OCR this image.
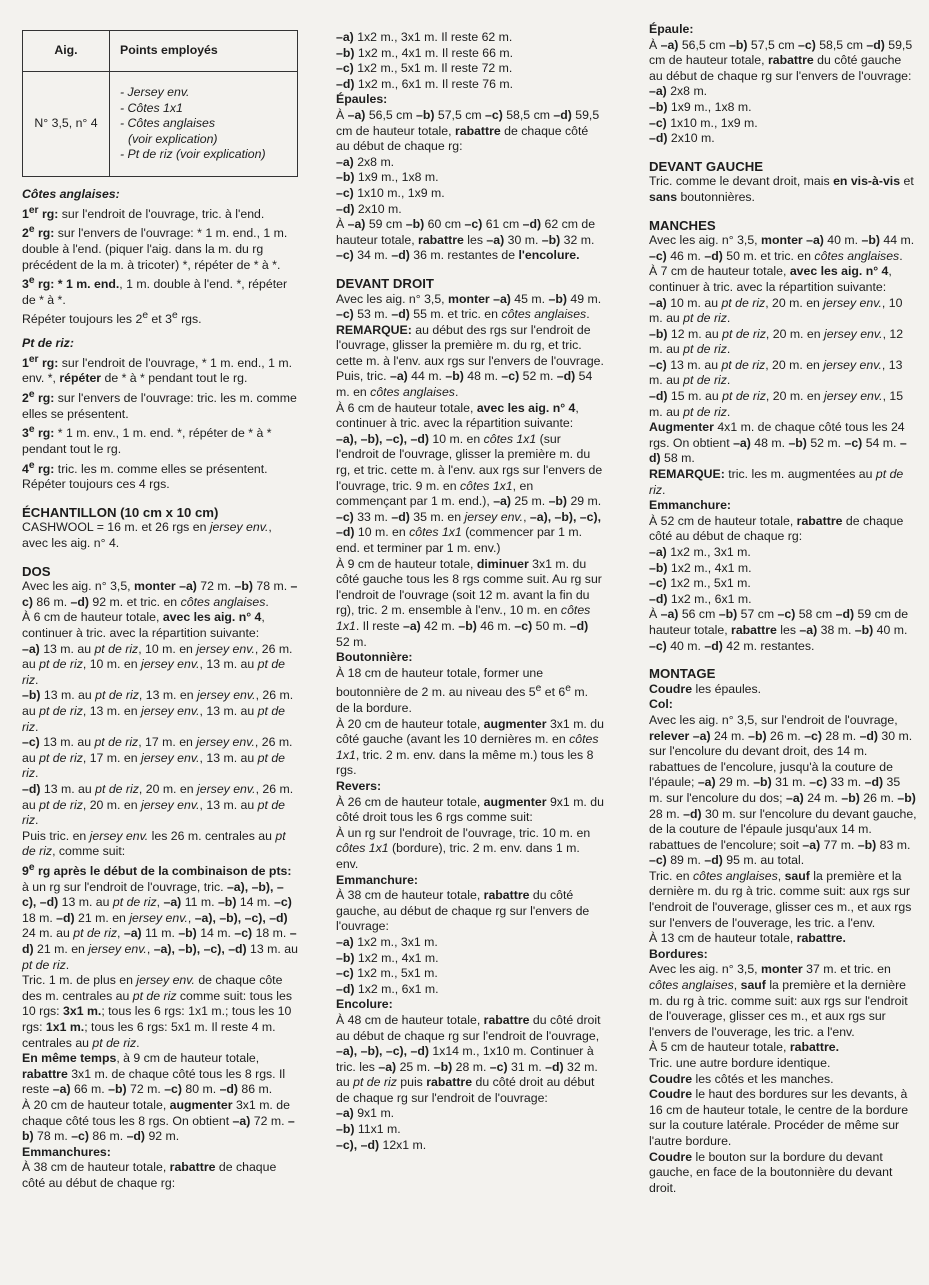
Aig.	Points employés
N° 3,5, n° 4	- Jersey env.
- Côtes 1x1
- Côtes anglaises
(voir explication)
- Pt de riz (voir explication)

Côtes anglaises:

1er rg: sur l'endroit de l'ouvrage, tric. à l'end.

2e rg: sur l'envers de l'ouvrage: * 1 m. end., 1 m. double à l'end. (piquer l'aig. dans la m. du rg précédent de la m. à tricoter) *, répéter de * à *.

3e rg: * 1 m. end., 1 m. double à l'end. *, répéter de * à *.

Répéter toujours les 2e et 3e rgs.

Pt de riz:

1er rg: sur l'endroit de l'ouvrage, * 1 m. end., 1 m. env. *, répéter de * à * pendant tout le rg.

2e rg: sur l'envers de l'ouvrage: tric. les m. comme elles se présentent.

3e rg: * 1 m. env., 1 m. end. *, répéter de * à * pendant tout le rg.

4e rg: tric. les m. comme elles se présentent.

Répéter toujours ces 4 rgs.

ÉCHANTILLON (10 cm x 10 cm)

CASHWOOL = 16 m. et 26 rgs en jersey env., avec les aig. n° 4.

DOS

Avec les aig. n° 3,5, monter –a) 72 m. –b) 78 m. –c) 86 m. –d) 92 m. et tric. en côtes anglaises.

À 6 cm de hauteur totale, avec les aig. n° 4, continuer à tric. avec la répartition suivante:

–a) 13 m. au pt de riz, 10 m. en jersey env., 26 m. au pt de riz, 10 m. en jersey env., 13 m. au pt de riz.

–b) 13 m. au pt de riz, 13 m. en jersey env., 26 m. au pt de riz, 13 m. en jersey env., 13 m. au pt de riz.

–c) 13 m. au pt de riz, 17 m. en jersey env., 26 m. au pt de riz, 17 m. en jersey env., 13 m. au pt de riz.

–d) 13 m. au pt de riz, 20 m. en jersey env., 26 m. au pt de riz, 20 m. en jersey env., 13 m. au pt de riz.

Puis tric. en jersey env. les 26 m. centrales au pt de riz, comme suit:

9e rg après le début de la combinaison de pts: à un rg sur l'endroit de l'ouvrage, tric. –a), –b), –c), –d) 13 m. au pt de riz, –a) 11 m. –b) 14 m. –c) 18 m. –d) 21 m. en jersey env., –a), –b), –c), –d) 24 m. au pt de riz, –a) 11 m. –b) 14 m. –c) 18 m. –d) 21 m. en jersey env., –a), –b), –c), –d) 13 m. au pt de riz.

Tric. 1 m. de plus en jersey env. de chaque côte des m. centrales au pt de riz comme suit: tous les 10 rgs: 3x1 m.; tous les 6 rgs: 1x1 m.; tous les 10 rgs: 1x1 m.; tous les 6 rgs: 5x1 m. Il reste 4 m. centrales au pt de riz.

En même temps, à 9 cm de hauteur totale, rabattre 3x1 m. de chaque côté tous les 8 rgs. Il reste –a) 66 m. –b) 72 m. –c) 80 m. –d) 86 m.

À 20 cm de hauteur totale, augmenter 3x1 m. de chaque côté tous les 8 rgs. On obtient –a) 72 m. –b) 78 m. –c) 86 m. –d) 92 m.

Emmanchures:

À 38 cm de hauteur totale, rabattre de chaque côté au début de chaque rg:

–a) 1x2 m., 3x1 m. Il reste 62 m.
–b) 1x2 m., 4x1 m. Il reste 66 m.
–c) 1x2 m., 5x1 m. Il reste 72 m.
–d) 1x2 m., 6x1 m. Il reste 76 m.

Épaules:

À –a) 56,5 cm –b) 57,5 cm –c) 58,5 cm –d) 59,5 cm de hauteur totale, rabattre de chaque côté au début de chaque rg:

–a) 2x8 m.
–b) 1x9 m., 1x8 m.
–c) 1x10 m., 1x9 m.
–d) 2x10 m.

À –a) 59 cm –b) 60 cm –c) 61 cm –d) 62 cm de hauteur totale, rabattre les –a) 30 m. –b) 32 m. –c) 34 m. –d) 36 m. restantes de l'encolure.

DEVANT DROIT

Avec les aig. n° 3,5, monter –a) 45 m. –b) 49 m. –c) 53 m. –d) 55 m. et tric. en côtes anglaises.

REMARQUE: au début des rgs sur l'endroit de l'ouvrage, glisser la première m. du rg, et tric. cette m. à l'env. aux rgs sur l'envers de l'ouvrage. Puis, tric. –a) 44 m. –b) 48 m. –c) 52 m. –d) 54 m. en côtes anglaises.

À 6 cm de hauteur totale, avec les aig. n° 4, continuer à tric. avec la répartition suivante:

–a), –b), –c), –d) 10 m. en côtes 1x1 (sur l'endroit de l'ouvrage, glisser la première m. du rg, et tric. cette m. à l'env. aux rgs sur l'envers de l'ouvrage, tric. 9 m. en côtes 1x1, en commençant par 1 m. end.), –a) 25 m. –b) 29 m. –c) 33 m. –d) 35 m. en jersey env., –a), –b), –c), –d) 10 m. en côtes 1x1 (commencer par 1 m. end. et terminer par 1 m. env.)

À 9 cm de hauteur totale, diminuer 3x1 m. du côté gauche tous les 8 rgs comme suit. Au rg sur l'endroit de l'ouvrage (soit 12 m. avant la fin du rg), tric. 2 m. ensemble à l'env., 10 m. en côtes 1x1. Il reste –a) 42 m. –b) 46 m. –c) 50 m. –d) 52 m.

Boutonnière:

À 18 cm de hauteur totale, former une boutonnière de 2 m. au niveau des 5e et 6e m. de la bordure.

À 20 cm de hauteur totale, augmenter 3x1 m. du côté gauche (avant les 10 dernières m. en côtes 1x1, tric. 2 m. env. dans la même m.) tous les 8 rgs.

Revers:

À 26 cm de hauteur totale, augmenter 9x1 m. du côté droit tous les 6 rgs comme suit:

À un rg sur l'endroit de l'ouvrage, tric. 10 m. en côtes 1x1 (bordure), tric. 2 m. env. dans 1 m. env.

Emmanchure:

À 38 cm de hauteur totale, rabattre du côté gauche, au début de chaque rg sur l'envers de l'ouvrage:

–a) 1x2 m., 3x1 m.
–b) 1x2 m., 4x1 m.
–c) 1x2 m., 5x1 m.
–d) 1x2 m., 6x1 m.

Encolure:

À 48 cm de hauteur totale, rabattre du côté droit au début de chaque rg sur l'endroit de l'ouvrage, –a), –b), –c), –d) 1x14 m., 1x10 m. Continuer à tric. les –a) 25 m. –b) 28 m. –c) 31 m. –d) 32 m. au pt de riz puis rabattre du côté droit au début de chaque rg sur l'endroit de l'ouvrage:

–a) 9x1 m.
–b) 11x1 m.
–c), –d) 12x1 m.

Épaule:

À –a) 56,5 cm –b) 57,5 cm –c) 58,5 cm –d) 59,5 cm de hauteur totale, rabattre du côté gauche au début de chaque rg sur l'envers de l'ouvrage:

–a) 2x8 m.
–b) 1x9 m., 1x8 m.
–c) 1x10 m., 1x9 m.
–d) 2x10 m.

DEVANT GAUCHE

Tric. comme le devant droit, mais en vis-à-vis et sans boutonnières.

MANCHES

Avec les aig. n° 3,5, monter –a) 40 m. –b) 44 m. –c) 46 m. –d) 50 m. et tric. en côtes anglaises.

À 7 cm de hauteur totale, avec les aig. n° 4, continuer à tric. avec la répartition suivante:

–a) 10 m. au pt de riz, 20 m. en jersey env., 10 m. au pt de riz.

–b) 12 m. au pt de riz, 20 m. en jersey env., 12 m. au pt de riz.

–c) 13 m. au pt de riz, 20 m. en jersey env., 13 m. au pt de riz.

–d) 15 m. au pt de riz, 20 m. en jersey env., 15 m. au pt de riz.

Augmenter 4x1 m. de chaque côté tous les 24 rgs. On obtient –a) 48 m. –b) 52 m. –c) 54 m. –d) 58 m.

REMARQUE: tric. les m. augmentées au pt de riz.

Emmanchure:

À 52 cm de hauteur totale, rabattre de chaque côté au début de chaque rg:

–a) 1x2 m., 3x1 m.
–b) 1x2 m., 4x1 m.
–c) 1x2 m., 5x1 m.
–d) 1x2 m., 6x1 m.

À –a) 56 cm –b) 57 cm –c) 58 cm –d) 59 cm de hauteur totale, rabattre les –a) 38 m. –b) 40 m. –c) 40 m. –d) 42 m. restantes.

MONTAGE

Coudre les épaules.

Col:

Avec les aig. n° 3,5, sur l'endroit de l'ouvrage, relever –a) 24 m. –b) 26 m. –c) 28 m. –d) 30 m. sur l'encolure du devant droit, des 14 m. rabattues de l'encolure, jusqu'à la couture de l'épaule; –a) 29 m. –b) 31 m. –c) 33 m. –d) 35 m. sur l'encolure du dos; –a) 24 m. –b) 26 m. –b) 28 m. –d) 30 m. sur l'encolure du devant gauche, de la couture de l'épaule jusqu'aux 14 m. rabattues de l'encolure; soit –a) 77 m. –b) 83 m. –c) 89 m. –d) 95 m. au total.

Tric. en côtes anglaises, sauf la première et la dernière m. du rg à tric. comme suit: aux rgs sur l'endroit de l'ouverage, glisser ces m., et aux rgs sur l'envers de l'ouverage, les tric. a l'env.

À 13 cm de hauteur totale, rabattre.

Bordures:

Avec les aig. n° 3,5, monter 37 m. et tric. en côtes anglaises, sauf la première et la dernière m. du rg à tric. comme suit: aux rgs sur l'endroit de l'ouverage, glisser ces m., et aux rgs sur l'envers de l'ouverage, les tric. a l'env.

À 5 cm de hauteur totale, rabattre.

Tric. une autre bordure identique.

Coudre les côtés et les manches.

Coudre le haut des bordures sur les devants, à 16 cm de hauteur totale, le centre de la bordure sur la couture latérale. Procéder de même sur l'autre bordure.

Coudre le bouton sur la bordure du devant gauche, en face de la boutonnière du devant droit.
